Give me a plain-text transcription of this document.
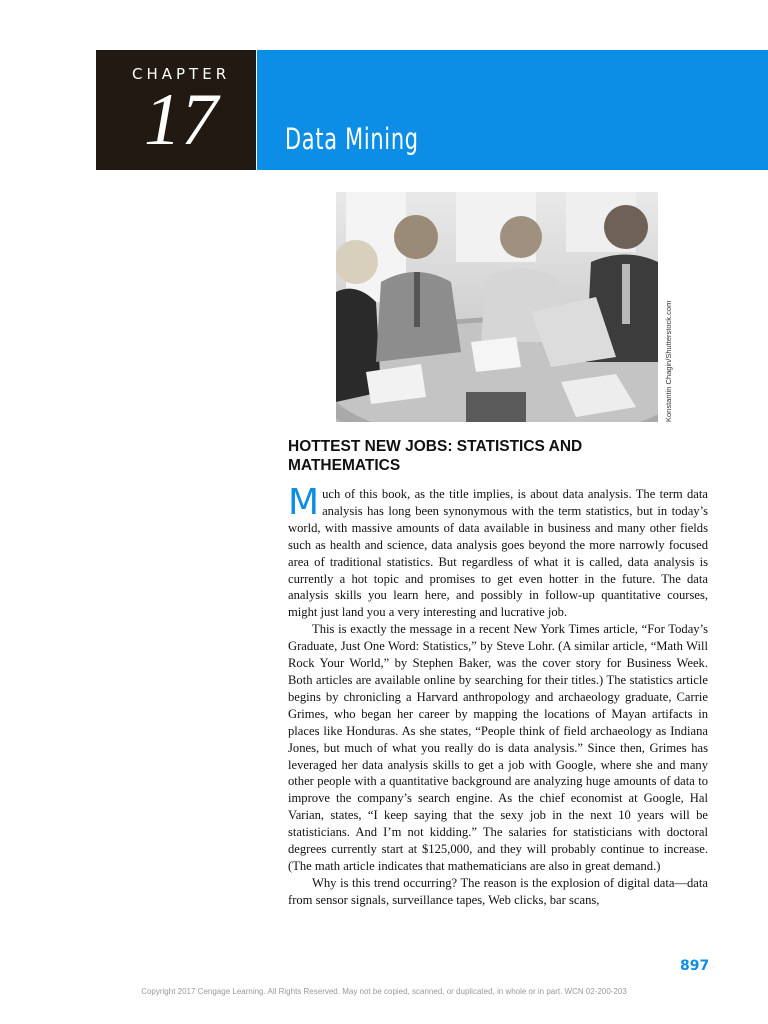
CHAPTER
17 Data Mining
Konstantin Chagin/Shutterstock.com
HOTTEST NEW JOBS: STATISTICS AND MATHEMATICS

Much of this book, as the title implies, is about data analysis. The term data analysis has long been synonymous with the term statistics, but in today’s world, with massive amounts of data available in business and many other fields such as health and science, data analysis goes beyond the more narrowly focused area of traditional statistics. But regardless of what it is called, data analysis is currently a hot topic and promises to get even hotter in the future. The data analysis skills you learn here, and possibly in follow-up quantitative courses, might just land you a very interesting and lucrative job.

This is exactly the message in a recent New York Times article, “For Today’s Graduate, Just One Word: Statistics,” by Steve Lohr. (A similar article, “Math Will Rock Your World,” by Stephen Baker, was the cover story for Business Week. Both articles are available online by searching for their titles.) The statistics article begins by chronicling a Harvard anthropology and archaeology graduate, Carrie Grimes, who began her career by mapping the locations of Mayan artifacts in places like Honduras. As she states, “People think of field archaeology as Indiana Jones, but much of what you really do is data analysis.” Since then, Grimes has leveraged her data analysis skills to get a job with Google, where she and many other people with a quantitative background are analyzing huge amounts of data to improve the company’s search engine. As the chief economist at Google, Hal Varian, states, “I keep saying that the sexy job in the next 10 years will be statisticians. And I’m not kidding.” The salaries for statisticians with doctoral degrees currently start at $125,000, and they will probably continue to increase. (The math article indicates that mathematicians are also in great demand.)

Why is this trend occurring? The reason is the explosion of digital data—data from sensor signals, surveillance tapes, Web clicks, bar scans,

897
Copyright 2017 Cengage Learning. All Rights Reserved. May not be copied, scanned, or duplicated, in whole or in part. WCN 02-200-203
